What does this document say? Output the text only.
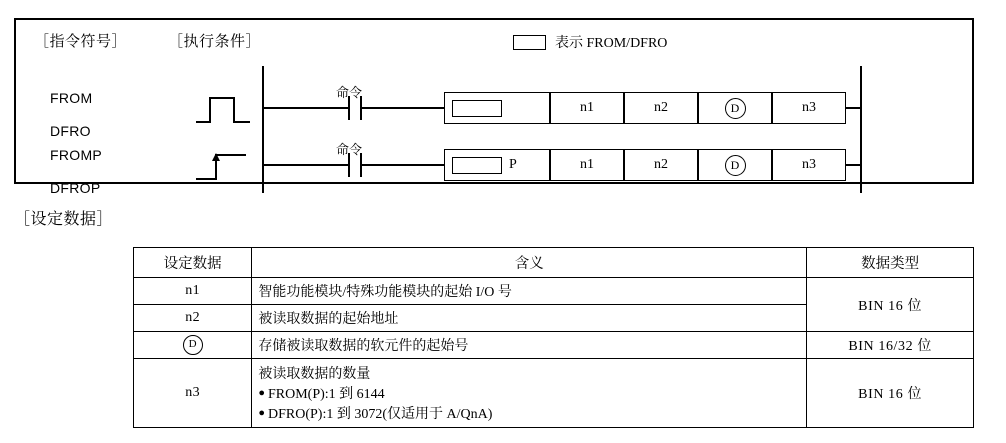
［指令符号］	［执行条件］	表示 FROM/DFRO
FROM
DFRO
FROMP
DFROP
命令
n1	n2	D	n3
命令
P	n1	n2	D	n3
［设定数据］
设定数据	含义	数据类型
n1	智能功能模块/特殊功能模块的起始 I/O 号	BIN 16 位
n2	被读取数据的起始地址	
D	存储被读取数据的软元件的起始号	BIN 16/32 位
n3	被读取数据的数量
● FROM(P):1 到 6144
● DFRO(P):1 到 3072(仅适用于 A/QnA)	BIN 16 位
